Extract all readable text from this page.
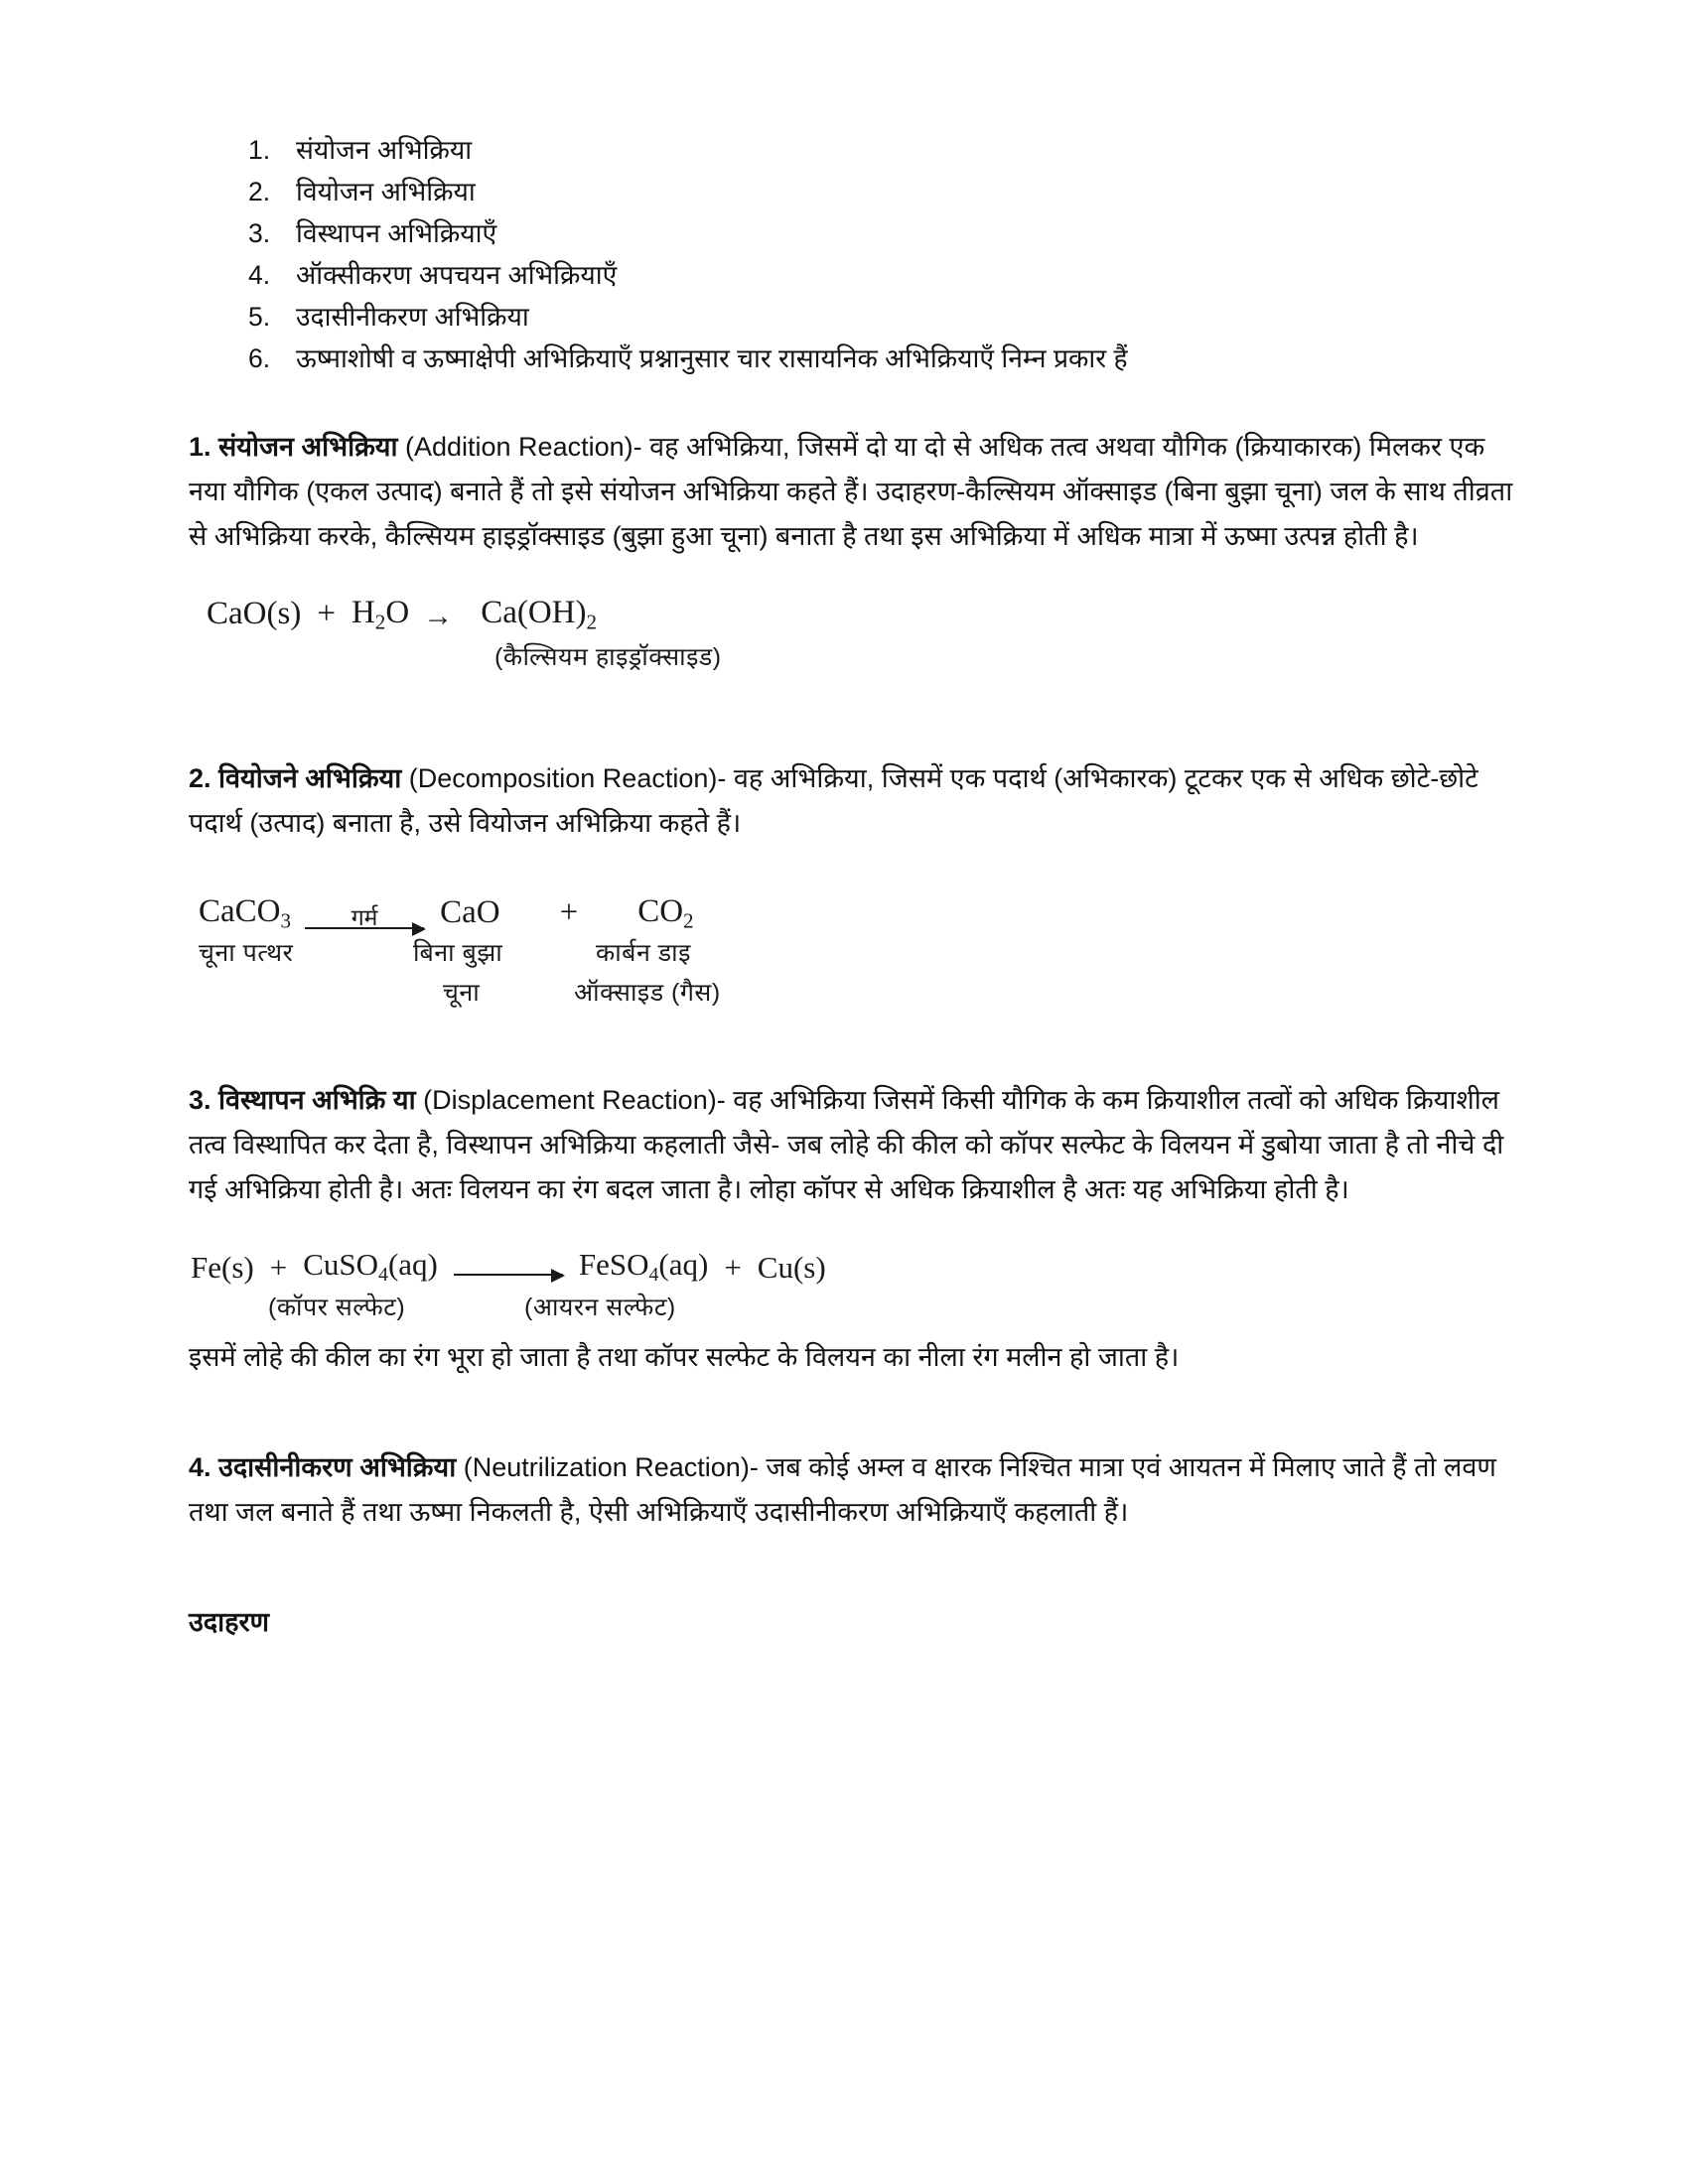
संयोजन अभिक्रिया
वियोजन अभिक्रिया
विस्थापन अभिक्रियाएँ
ऑक्सीकरण अपचयन अभिक्रियाएँ
उदासीनीकरण अभिक्रिया
ऊष्माशोषी व ऊष्माक्षेपी अभिक्रियाएँ प्रश्नानुसार चार रासायनिक अभिक्रियाएँ निम्न प्रकार हैं

1. संयोजन अभिक्रिया (Addition Reaction)- वह अभिक्रिया, जिसमें दो या दो से अधिक तत्व अथवा यौगिक (क्रियाकारक) मिलकर एक नया यौगिक (एकल उत्पाद) बनाते हैं तो इसे संयोजन अभिक्रिया कहते हैं। उदाहरण-कैल्सियम ऑक्साइड (बिना बुझा चूना) जल के साथ तीव्रता से अभिक्रिया करके, कैल्सियम हाइड्रॉक्साइड (बुझा हुआ चूना) बनाता है तथा इस अभिक्रिया में अधिक मात्रा में ऊष्मा उत्पन्न होती है।

$CaO(s) + H_2O \to Ca(OH)_2$
(कैल्सियम हाइड्रॉक्साइड)

2. वियोजने अभिक्रिया (Decomposition Reaction)- वह अभिक्रिया, जिसमें एक पदार्थ (अभिकारक) टूटकर एक से अधिक छोटे-छोटे पदार्थ (उत्पाद) बनाता है, उसे वियोजन अभिक्रिया कहते हैं।

CaCO$_3$	गर्म	CaO	+	$CO_2$
चूना पत्थर	बिना बुझा	कार्बन डाइ
चूना	ऑक्साइड (गैस)

3. विस्थापन अभिक्रि या (Displacement Reaction)- वह अभिक्रिया जिसमें किसी यौगिक के कम क्रियाशील तत्वों को अधिक क्रियाशील तत्व विस्थापित कर देता है, विस्थापन अभिक्रिया कहलाती जैसे- जब लोहे की कील को कॉपर सल्फेट के विलयन में डुबोया जाता है तो नीचे दी गई अभिक्रिया होती है। अतः विलयन का रंग बदल जाता है। लोहा कॉपर से अधिक क्रियाशील है अतः यह अभिक्रिया होती है।

Fe(s) + CuSO$_4$(aq)	FeSO$_4$(aq) + Cu(s)
(कॉपर सल्फेट)	(आयरन सल्फेट)

इसमें लोहे की कील का रंग भूरा हो जाता है तथा कॉपर सल्फेट के विलयन का नीला रंग मलीन हो जाता है।

4. उदासीनीकरण अभिक्रिया (Neutrilization Reaction)- जब कोई अम्ल व क्षारक निश्चित मात्रा एवं आयतन में मिलाए जाते हैं तो लवण तथा जल बनाते हैं तथा ऊष्मा निकलती है, ऐसी अभिक्रियाएँ उदासीनीकरण अभिक्रियाएँ कहलाती हैं।

उदाहरण
